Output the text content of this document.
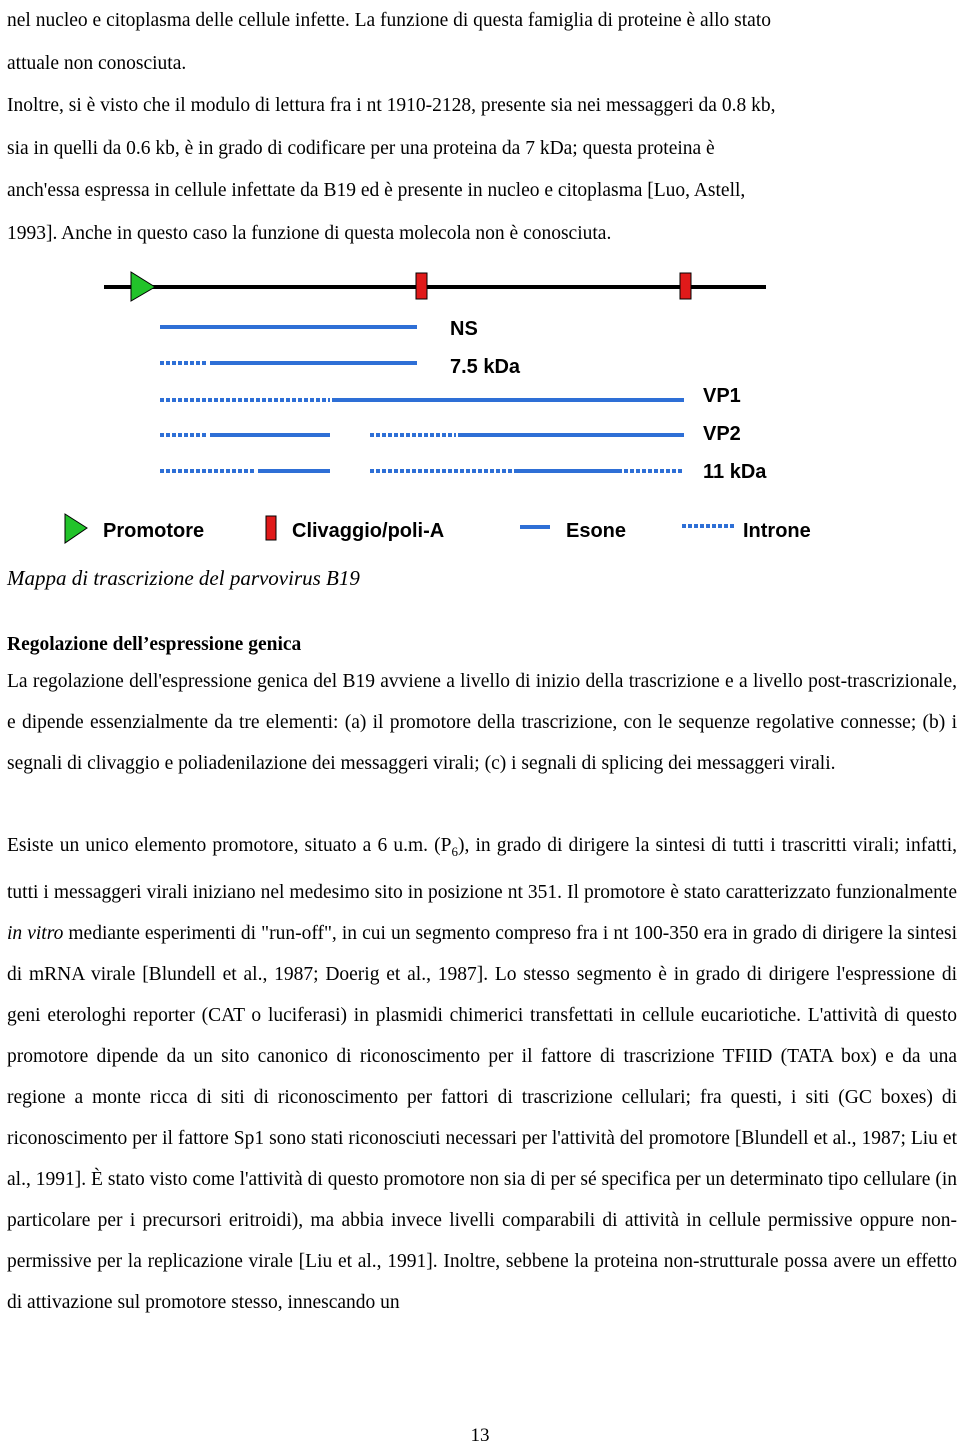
nel nucleo e citoplasma delle cellule infette. La funzione di questa famiglia di proteine è allo stato
attuale non conosciuta.
Inoltre, si è visto che il modulo di lettura fra i nt 1910-2128, presente sia nei messaggeri da 0.8 kb,
sia in quelli da 0.6 kb, è in grado di codificare per una proteina da 7 kDa; questa proteina è
anch'essa espressa in cellule infettate da B19 ed è presente in nucleo e citoplasma [Luo, Astell,
1993]. Anche in questo caso la funzione di questa molecola non è conosciuta.
NS
7.5 kDa
VP1
VP2
11 kDa
Promotore	Clivaggio/poli-A	Esone	Introne

Mappa di trascrizione del parvovirus B19

Regolazione dell’espressione genica

La regolazione dell'espressione genica del B19 avviene a livello di inizio della trascrizione e a livello post-trascrizionale, e dipende essenzialmente da tre elementi: (a) il promotore della trascrizione, con le sequenze regolative connesse; (b) i segnali di clivaggio e poliadenilazione dei messaggeri virali; (c) i segnali di splicing dei messaggeri virali.

Esiste un unico elemento promotore, situato a 6 u.m. $(P_6)$, in grado di dirigere la sintesi di tutti i trascritti virali; infatti, tutti i messaggeri virali iniziano nel medesimo sito in posizione nt 351. Il promotore è stato caratterizzato funzionalmente in vitro mediante esperimenti di "run-off", in cui un segmento compreso fra i nt 100-350 era in grado di dirigere la sintesi di mRNA virale [Blundell et al., 1987; Doerig et al., 1987]. Lo stesso segmento è in grado di dirigere l'espressione di geni eterologhi reporter (CAT o luciferasi) in plasmidi chimerici transfettati in cellule eucariotiche. L'attività di questo promotore dipende da un sito canonico di riconoscimento per il fattore di trascrizione TFIID (TATA box) e da una regione a monte ricca di siti di riconoscimento per fattori di trascrizione cellulari; fra questi, i siti (GC boxes) di riconoscimento per il fattore Sp1 sono stati riconosciuti necessari per l'attività del promotore [Blundell et al., 1987; Liu et al., 1991]. È stato visto come l'attività di questo promotore non sia di per sé specifica per un determinato tipo cellulare (in particolare per i precursori eritroidi), ma abbia invece livelli comparabili di attività in cellule permissive oppure non-permissive per la replicazione virale [Liu et al., 1991]. Inoltre, sebbene la proteina non-strutturale possa avere un effetto di attivazione sul promotore stesso, innescando un

13
